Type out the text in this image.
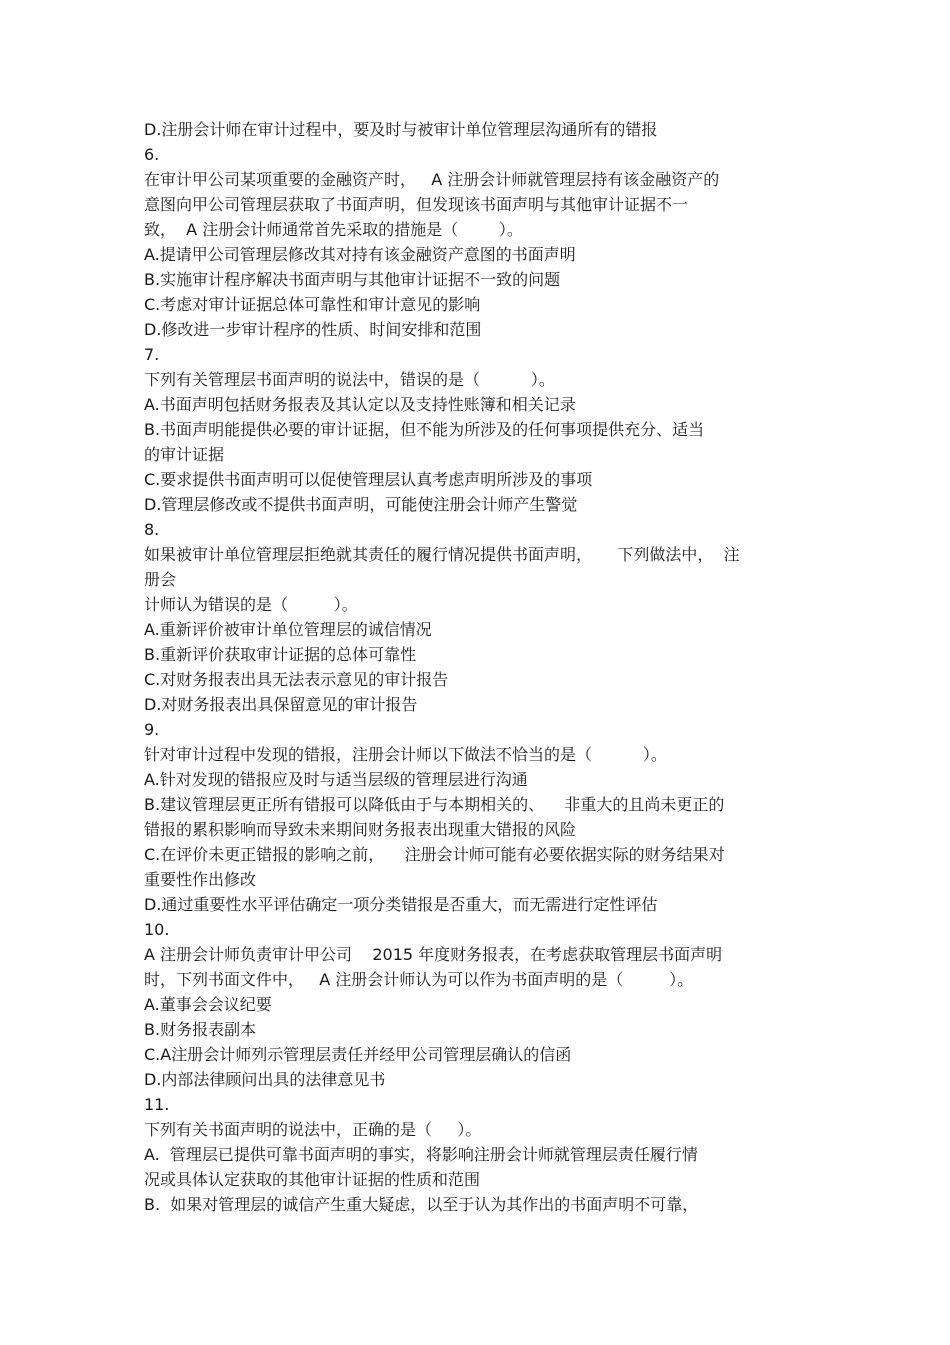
D.注册会计师在审计过程中，要及时与被审计单位管理层沟通所有的错报
6.
在审计甲公司某项重要的金融资产时，   A 注册会计师就管理层持有该金融资产的
意图向甲公司管理层获取了书面声明，但发现该书面声明与其他审计证据不一
致，  A 注册会计师通常首先采取的措施是（        ）。
A.提请甲公司管理层修改其对持有该金融资产意图的书面声明
B.实施审计程序解决书面声明与其他审计证据不一致的问题
C.考虑对审计证据总体可靠性和审计意见的影响
D.修改进一步审计程序的性质、时间安排和范围
7.
下列有关管理层书面声明的说法中，错误的是（          ）。
A.书面声明包括财务报表及其认定以及支持性账簿和相关记录
B.书面声明能提供必要的审计证据，但不能为所涉及的任何事项提供充分、适当
的审计证据
C.要求提供书面声明可以促使管理层认真考虑声明所涉及的事项
D.管理层修改或不提供书面声明，可能使注册会计师产生警觉
8.
如果被审计单位管理层拒绝就其责任的履行情况提供书面声明，     下列做法中，  注
册会
计师认为错误的是（         ）。
A.重新评价被审计单位管理层的诚信情况
B.重新评价获取审计证据的总体可靠性
C.对财务报表出具无法表示意见的审计报告
D.对财务报表出具保留意见的审计报告
9.
针对审计过程中发现的错报，注册会计师以下做法不恰当的是（          ）。
A.针对发现的错报应及时与适当层级的管理层进行沟通
B.建议管理层更正所有错报可以降低由于与本期相关的、    非重大的且尚未更正的
错报的累积影响而导致未来期间财务报表出现重大错报的风险
C.在评价未更正错报的影响之前，    注册会计师可能有必要依据实际的财务结果对
重要性作出修改
D.通过重要性水平评估确定一项分类错报是否重大，而无需进行定性评估
10.
A 注册会计师负责审计甲公司    2015 年度财务报表，在考虑获取管理层书面声明
时，下列书面文件中，   A 注册会计师认为可以作为书面声明的是（         ）。
A.董事会会议纪要
B.财务报表副本
C.A注册会计师列示管理层责任并经甲公司管理层确认的信函
D.内部法律顾问出具的法律意见书
11.
下列有关书面声明的说法中，正确的是（     ）。
A.  管理层已提供可靠书面声明的事实，将影响注册会计师就管理层责任履行情
况或具体认定获取的其他审计证据的性质和范围
B.  如果对管理层的诚信产生重大疑虑，以至于认为其作出的书面声明不可靠，
